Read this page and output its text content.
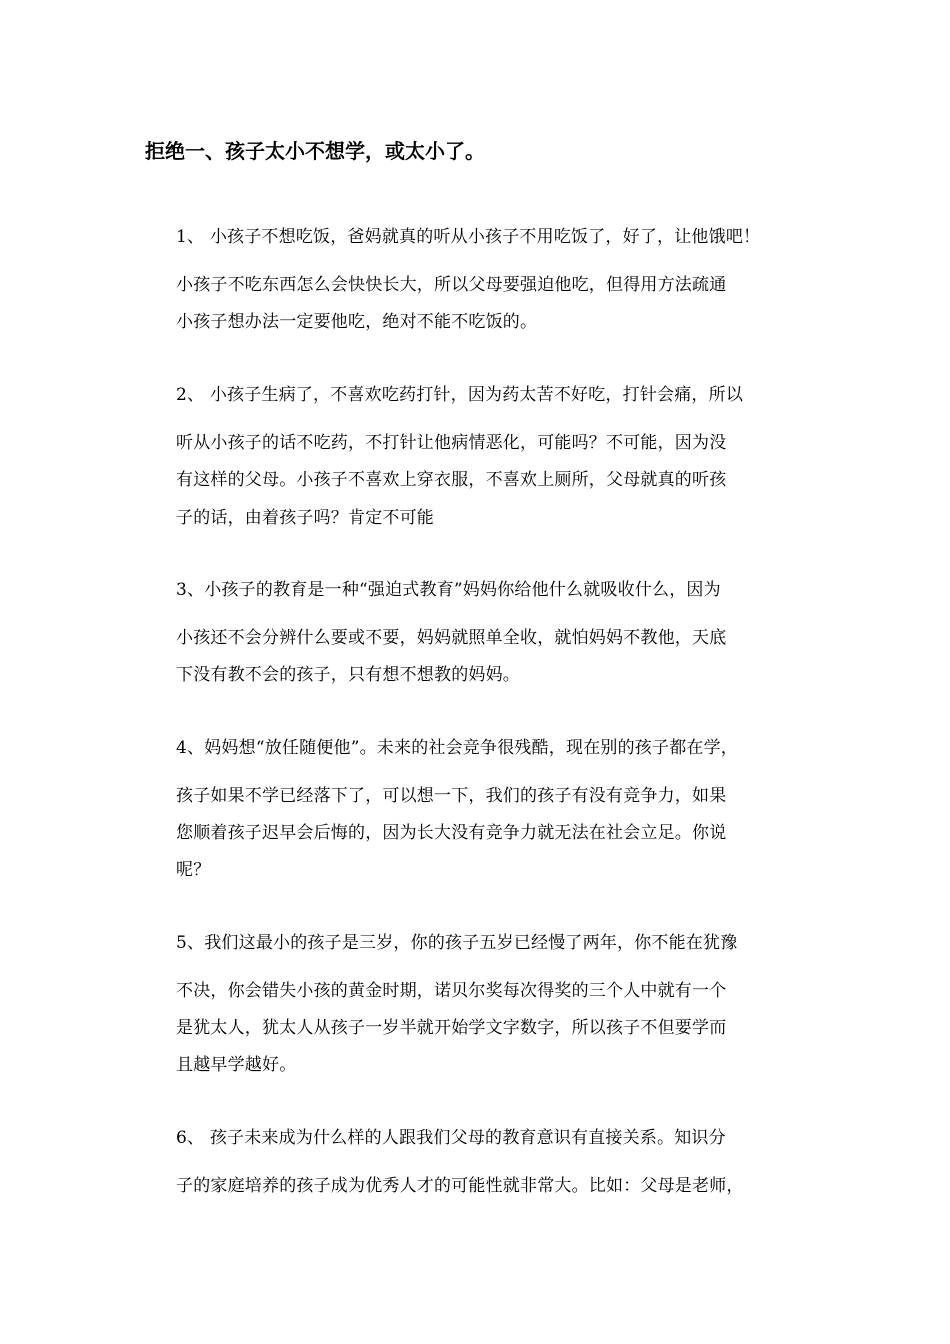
拒绝一、孩子太小不想学，或太小了。
1、 小孩子不想吃饭，爸妈就真的听从小孩子不用吃饭了，好了，让他饿吧！
小孩子不吃东西怎么会快快长大，所以父母要强迫他吃，但得用方法疏通
小孩子想办法一定要他吃，绝对不能不吃饭的。
2、 小孩子生病了，不喜欢吃药打针，因为药太苦不好吃，打针会痛，所以
听从小孩子的话不吃药，不打针让他病情恶化，可能吗？不可能，因为没
有这样的父母。小孩子不喜欢上穿衣服，不喜欢上厕所，父母就真的听孩
子的话，由着孩子吗？肯定不可能
3、小孩子的教育是一种“强迫式教育”妈妈你给他什么就吸收什么，因为
小孩还不会分辨什么要或不要，妈妈就照单全收，就怕妈妈不教他，天底
下没有教不会的孩子，只有想不想教的妈妈。
4、妈妈想“放任随便他”。未来的社会竞争很残酷，现在别的孩子都在学，
孩子如果不学已经落下了，可以想一下，我们的孩子有没有竞争力，如果
您顺着孩子迟早会后悔的，因为长大没有竞争力就无法在社会立足。你说
呢？
5、我们这最小的孩子是三岁，你的孩子五岁已经慢了两年，你不能在犹豫
不决，你会错失小孩的黄金时期，诺贝尔奖每次得奖的三个人中就有一个
是犹太人，犹太人从孩子一岁半就开始学文字数字，所以孩子不但要学而
且越早学越好。
6、 孩子未来成为什么样的人跟我们父母的教育意识有直接关系。知识分
子的家庭培养的孩子成为优秀人才的可能性就非常大。比如：父母是老师，
